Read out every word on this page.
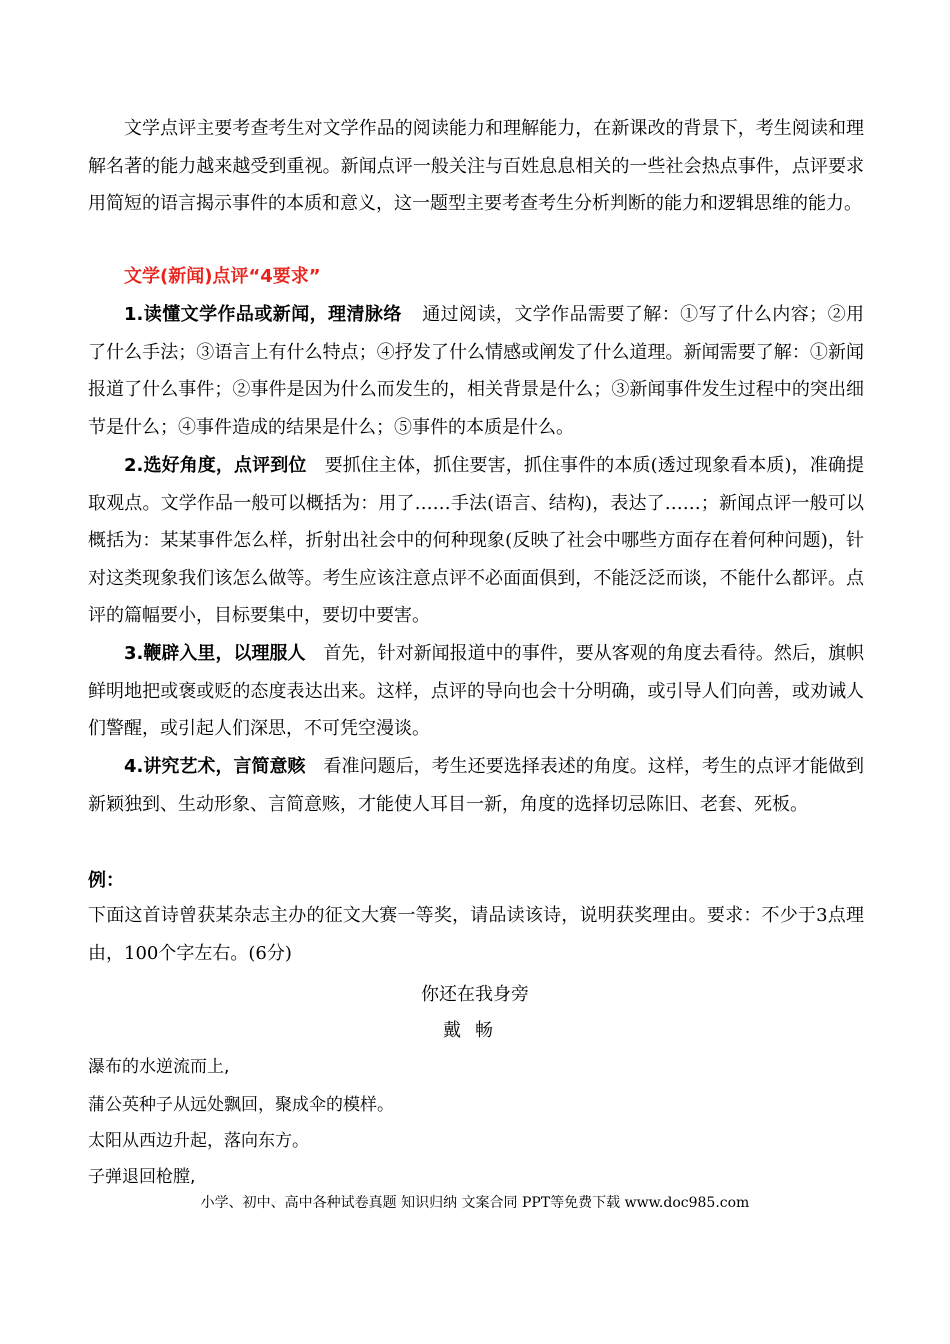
文学点评主要考查考生对文学作品的阅读能力和理解能力，在新课改的背景下，考生阅读和理解名著的能力越来越受到重视。新闻点评一般关注与百姓息息相关的一些社会热点事件，点评要求用简短的语言揭示事件的本质和意义，这一题型主要考查考生分析判断的能力和逻辑思维的能力。

文学(新闻)点评“4要求”

1.读懂文学作品或新闻，理清脉络 通过阅读，文学作品需要了解：①写了什么内容；②用了什么手法；③语言上有什么特点；④抒发了什么情感或阐发了什么道理。新闻需要了解：①新闻报道了什么事件；②事件是因为什么而发生的，相关背景是什么；③新闻事件发生过程中的突出细节是什么；④事件造成的结果是什么；⑤事件的本质是什么。

2.选好角度，点评到位 要抓住主体，抓住要害，抓住事件的本质(透过现象看本质)，准确提取观点。文学作品一般可以概括为：用了……手法(语言、结构)，表达了……；新闻点评一般可以概括为：某某事件怎么样，折射出社会中的何种现象(反映了社会中哪些方面存在着何种问题)，针对这类现象我们该怎么做等。考生应该注意点评不必面面俱到，不能泛泛而谈，不能什么都评。点评的篇幅要小，目标要集中，要切中要害。

3.鞭辟入里，以理服人 首先，针对新闻报道中的事件，要从客观的角度去看待。然后，旗帜鲜明地把或褒或贬的态度表达出来。这样，点评的导向也会十分明确，或引导人们向善，或劝诫人们警醒，或引起人们深思，不可凭空漫谈。

4.讲究艺术，言简意赅 看准问题后，考生还要选择表述的角度。这样，考生的点评才能做到新颖独到、生动形象、言简意赅，才能使人耳目一新，角度的选择切忌陈旧、老套、死板。

例：

下面这首诗曾获某杂志主办的征文大赛一等奖，请品读该诗，说明获奖理由。要求：不少于3点理由，100个字左右。(6分)

你还在我身旁

戴畅

瀑布的水逆流而上,

蒲公英种子从远处飘回，聚成伞的模样。

太阳从西边升起，落向东方。

子弹退回枪膛,

小学、初中、高中各种试卷真题 知识归纳 文案合同 PPT等免费下载 www.doc985.com
